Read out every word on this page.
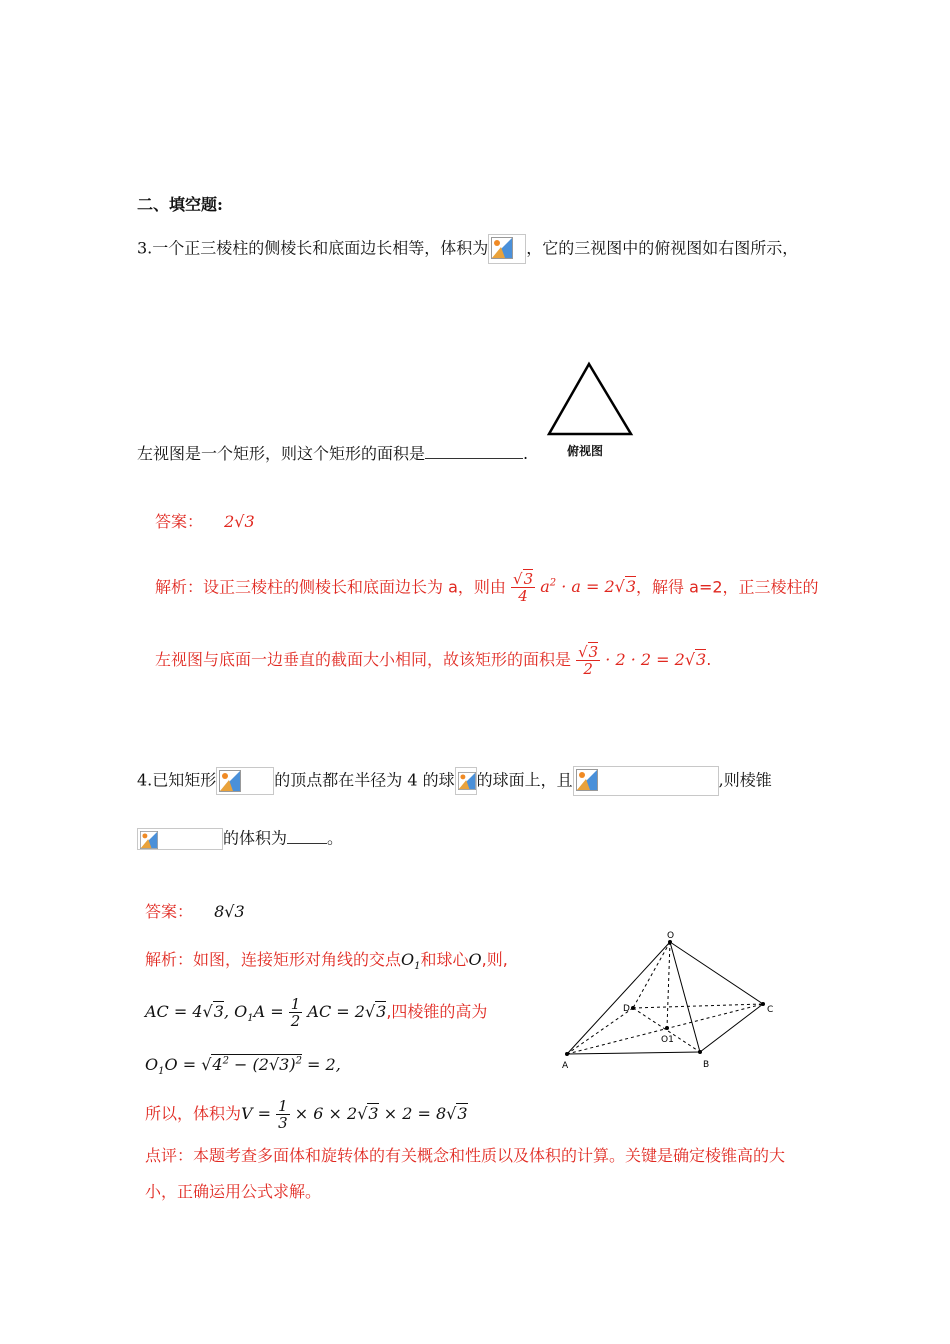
二、填空题:
3.一个正三棱柱的侧棱长和底面边长相等，体积为 ，它的三视图中的俯视图如右图所示，
俯视图
左视图是一个矩形，则这个矩形的面积是	.
答案： 2√3
解析：设正三棱柱的侧棱长和底面边长为 a，则由 $\frac{√3}{4} a^2 \cdot a = 2√3$，解得 a=2，正三棱柱的
左视图与底面一边垂直的截面大小相同，故该矩形的面积是 $\frac{√3}{2} \cdot 2 \cdot 2 = 2√3$.
4.已知矩形	的顶点都在半径为 4 的球 的球面上，且	,则棱锥
的体积为	。
答案： 8√3
解析：如图，连接矩形对角线的交点$O_1$和球心O,则,
AC = 4√3, $O_1A = \frac{1}{2}$ AC = 2√3,四棱锥的高为
$O_1O = √4^2 - (2√3)^2 = 2$,
所以，体积为$V = \frac{1}{3} \times 6 \times 2√3 \times 2 = 8√3$
点评：本题考查多面体和旋转体的有关概念和性质以及体积的计算。关键是确定棱锥高的大
小，正确运用公式求解。
O
D	C
O1
A	B
